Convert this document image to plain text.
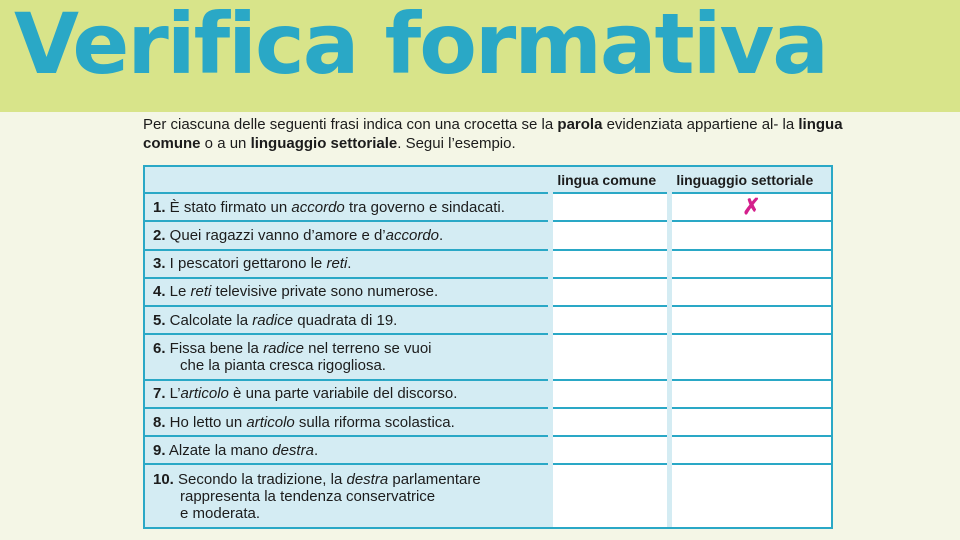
Verifica formativa
Per ciascuna delle seguenti frasi indica con una crocetta se la parola evidenziata appartiene al- la lingua comune o a un linguaggio settoriale. Segui l’esempio.
	lingua comune	linguaggio settoriale
1. È stato firmato un accordo tra governo e sindacati.		✗

2. Quei ragazzi vanno d’amore e d’accordo.		
3. I pescatori gettarono le reti.		
4. Le reti televisive private sono numerose.		
5. Calcolate la radice quadrata di 19.		
6. Fissa bene la radice nel terreno se vuoi
che la pianta cresca rigogliosa.		

7. L’articolo è una parte variabile del discorso.		
8. Ho letto un articolo sulla riforma scolastica.		
9. Alzate la mano destra.		
10. Secondo la tradizione, la destra parlamentare
rappresenta la tendenza conservatrice
e moderata.		
